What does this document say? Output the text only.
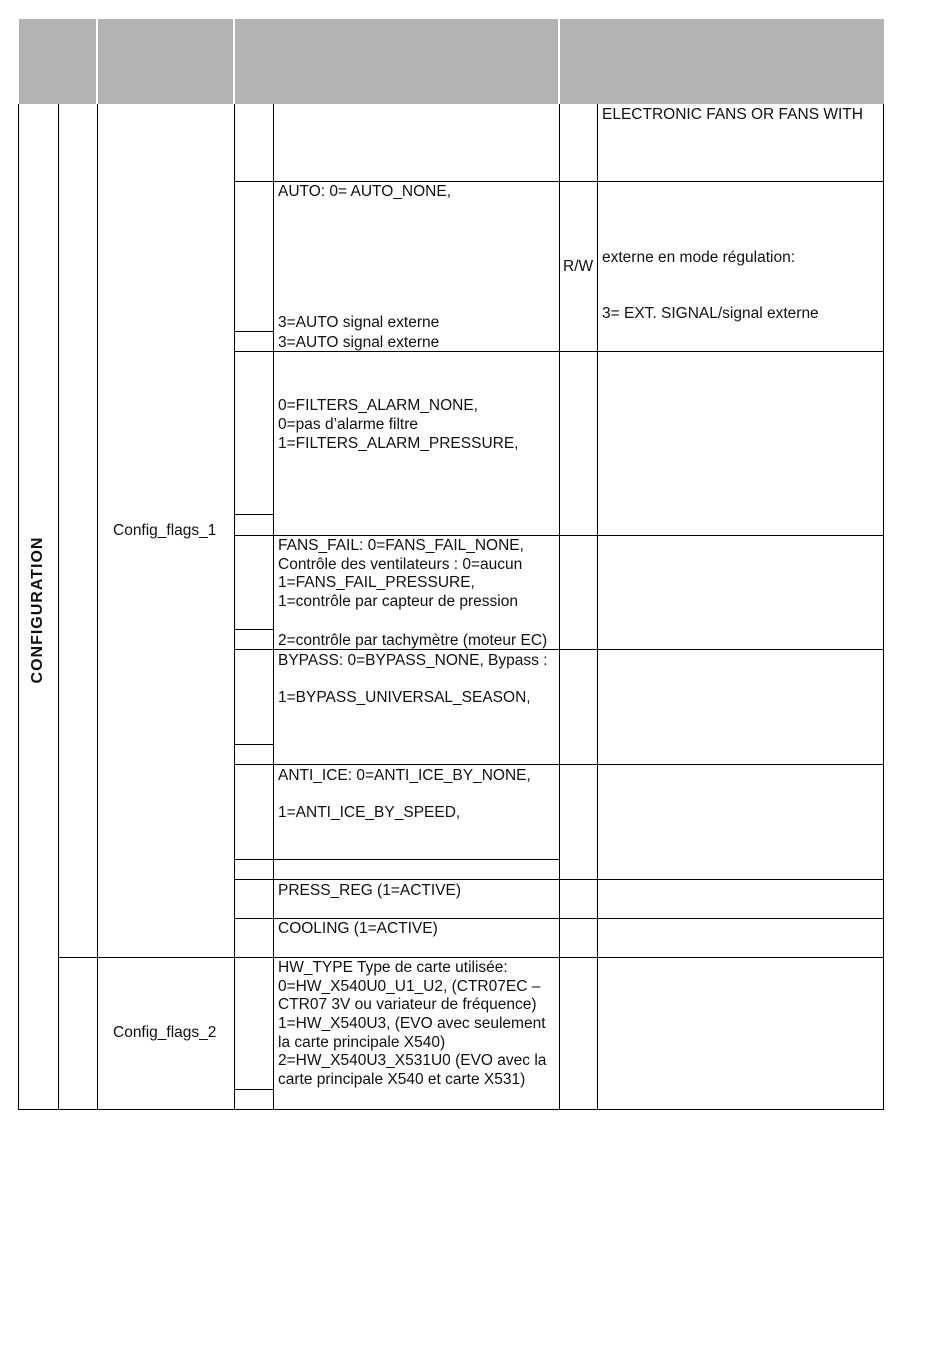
CONFIGURATION
Config_flags_1
Config_flags_2
R/W
ELECTRONIC FANS OR FANS WITH
AUTO: 0= AUTO_NONE,
3=AUTO signal externe
3=AUTO signal externe
externe en mode régulation:
3= EXT. SIGNAL/signal externe
0=FILTERS_ALARM_NONE,
0=pas d’alarme filtre
1=FILTERS_ALARM_PRESSURE,
FANS_FAIL: 0=FANS_FAIL_NONE,
Contrôle des ventilateurs : 0=aucun
1=FANS_FAIL_PRESSURE,
1=contrôle par capteur de pression
2=contrôle par tachymètre (moteur EC)
BYPASS: 0=BYPASS_NONE, Bypass :
1=BYPASS_UNIVERSAL_SEASON,
ANTI_ICE: 0=ANTI_ICE_BY_NONE,
1=ANTI_ICE_BY_SPEED,
PRESS_REG (1=ACTIVE)
COOLING (1=ACTIVE)
HW_TYPE Type de carte utilisée:
0=HW_X540U0_U1_U2, (CTR07EC –
CTR07 3V ou variateur de fréquence)
1=HW_X540U3, (EVO avec seulement
la carte principale X540)
2=HW_X540U3_X531U0 (EVO avec la
carte principale X540 et carte X531)
